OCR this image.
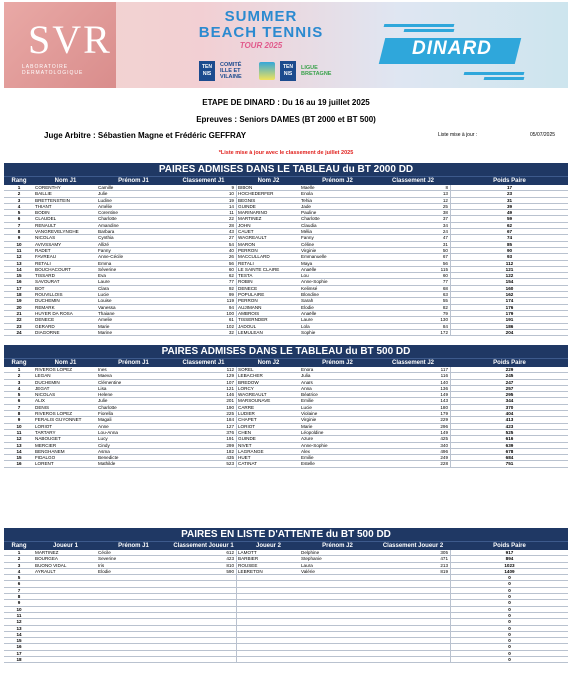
SVR
LABORATOIRE DERMATOLOGIQUE
SUMMER
BEACH TENNIS
TOUR 2025
TEN NIS
COMITÉ ILLE ET VILAINE
TEN NIS
LIGUE BRETAGNE
DINARD
ETAPE DE DINARD : Du 16 au 19 juillet 2025
Epreuves : Seniors DAMES (BT 2000 et BT 500)
Juge Arbitre : Sébastien Magne et Frédéric GEFFRAY	Liste mise à jour :	05/07/2025
*Liste mise à jour avec le classement de juillet 2025
PAIRES ADMISES DANS LE TABLEAU du BT 2000 DD
Rang	Nom J1	Prénom J1	Classement J1	Nom J2	Prénom J2	Classement J2	Poids Paire
1	CORENTHY	Camille	9 BIBON	Maelle	8	17
2	BAILLIE	Julie	10 HOCHEDERFER	Enola	13	23
3	BRETTENSTEIN	Ludine	19 BEGNIS	Tehia	12	31
4	THIANT	Amélie	14 GUINDE	Jade	25	39
5	BODIN	Corentine	11 MARINARINO	Pauline	38	49
6	CLAUDEL	Charlotte	22 MARTINEZ	Charlotte	37	59
7	RENAULT	Amandine	28 JOHN	Claudia	34	62
8	VANGREVELYNGHE	Barbara	43 CAUET	Mélia	24	67
9	NICOLAS	Cynthia	27 WAGREAULT	Fanny	47	74
10	AVIVSSAMY	Allizé	54 MARON	Céline	31	85
11	RADET	Fanny	40 PERRON	Virginie	50	90
12	FAVREAU	Anne-Cécile	26 MACCULLARD	Emmanuelle	67	93
13	RETALI	Emma	56 RETALI	Maya	56	112
14	BOUCHACOURT	Séverine	60 LE SAINTE CLAIRE	Anaëlle	115	121
15	TISSARD	Eva	62 TESTA	Lou	60	122
16	SAVOURAT	Laure	77 ROBIN	Anne-Sophie	77	154
17	BOT	Clara	92 DENECE	Kelimsé	68	160
18	ROUVILLOIS	Lucie	99 POPULAIRE	Blondine	63	162
19	DUCHEMIN	Louise	119 PERRON	Sarah	55	174
20	REMARK	Vanessa	94 AUJIMANN	Elodie	82	176
21	HUYER DA ROSA	Thaiane	100 AMBROIS	Anaëlle	79	179
22	DENECE	Amelie	61 TISSERNDER	Laure	130	191
23	GERARD	Marie	102 JADOUL	Lola	84	186
24	DIAGORNE	Marine	32 LEMULEAN	Sophie	172	204
PAIRES ADMISES DANS LE TABLEAU du BT 500 DD
Rang	Nom J1	Prénom J1	Classement J1	Nom J2	Prénom J2	Classement J2	Poids Paire
1	RIVEROS LOPEZ	Ines	112 SOREL	Enora	117	229
2	LEGAN	Maeva	129 LEBACHER	Julia	116	245
3	DUCHEMIN	Clémentine	107 BREDOW	Anaïs	140	247
4	JEGAT	Lisa	121 LORCY	Anna	136	257
5	NICOLAS	Helene	146 WAGREAULT	Béatrice	149	295
6	ALIX	Julie	201 MARSOUNAVE	Emilie	143	344
7	DENIS	Charlotte	190 CARRE	Lucie	180	370
8	RIVEROS LOPEZ	Fiorella	225 LUDIER	Violaine	179	404
9	FERALIS GUYONNET	Magali	184 CHAPET	Virginie	229	413
10	LORIOT	Anne	127 LORIOT	Marie	296	423
11	TARTARY	Lou-Anna	376 CHEN	Léopoldine	149	525
12	NABOUGET	Lucy	191 GUINDE	Azure	425	616
13	MERCIER	Cindy	299 NIVET	Anne-Sophie	340	639
14	BENGHANEM	Asma	182 LAGRANGE	Alex	496	678
15	FIDALGO	Benedicte	435 HUET	Emilie	249	684
16	LORENT	Mathilde	523 CATINAT	Estelle	228	751
PAIRES EN LISTE D'ATTENTE du BT 500 DD
Rang	Joueur 1	Prénom J1	Classement Joueur 1	Joueur 2	Prénom J2	Classement Joueur 2	Poids Paire
1	MARTINEZ	Cécile	612 LAMOTT	Delphine	305	917
2	BOURGEA	Severine	423 BARBIER	Stephanie	471	894
3	BUONO VIDAL	Iris	810 ROUSEE	Laura	213	1023
4	AYRAULT	Elodie	590 LEBRETON	Valérie	819	1409
5	0
6	0
7	0
8	0
9	0
10	0
11	0
12	0
13	0
14	0
15	0
16	0
17	0
18	0
